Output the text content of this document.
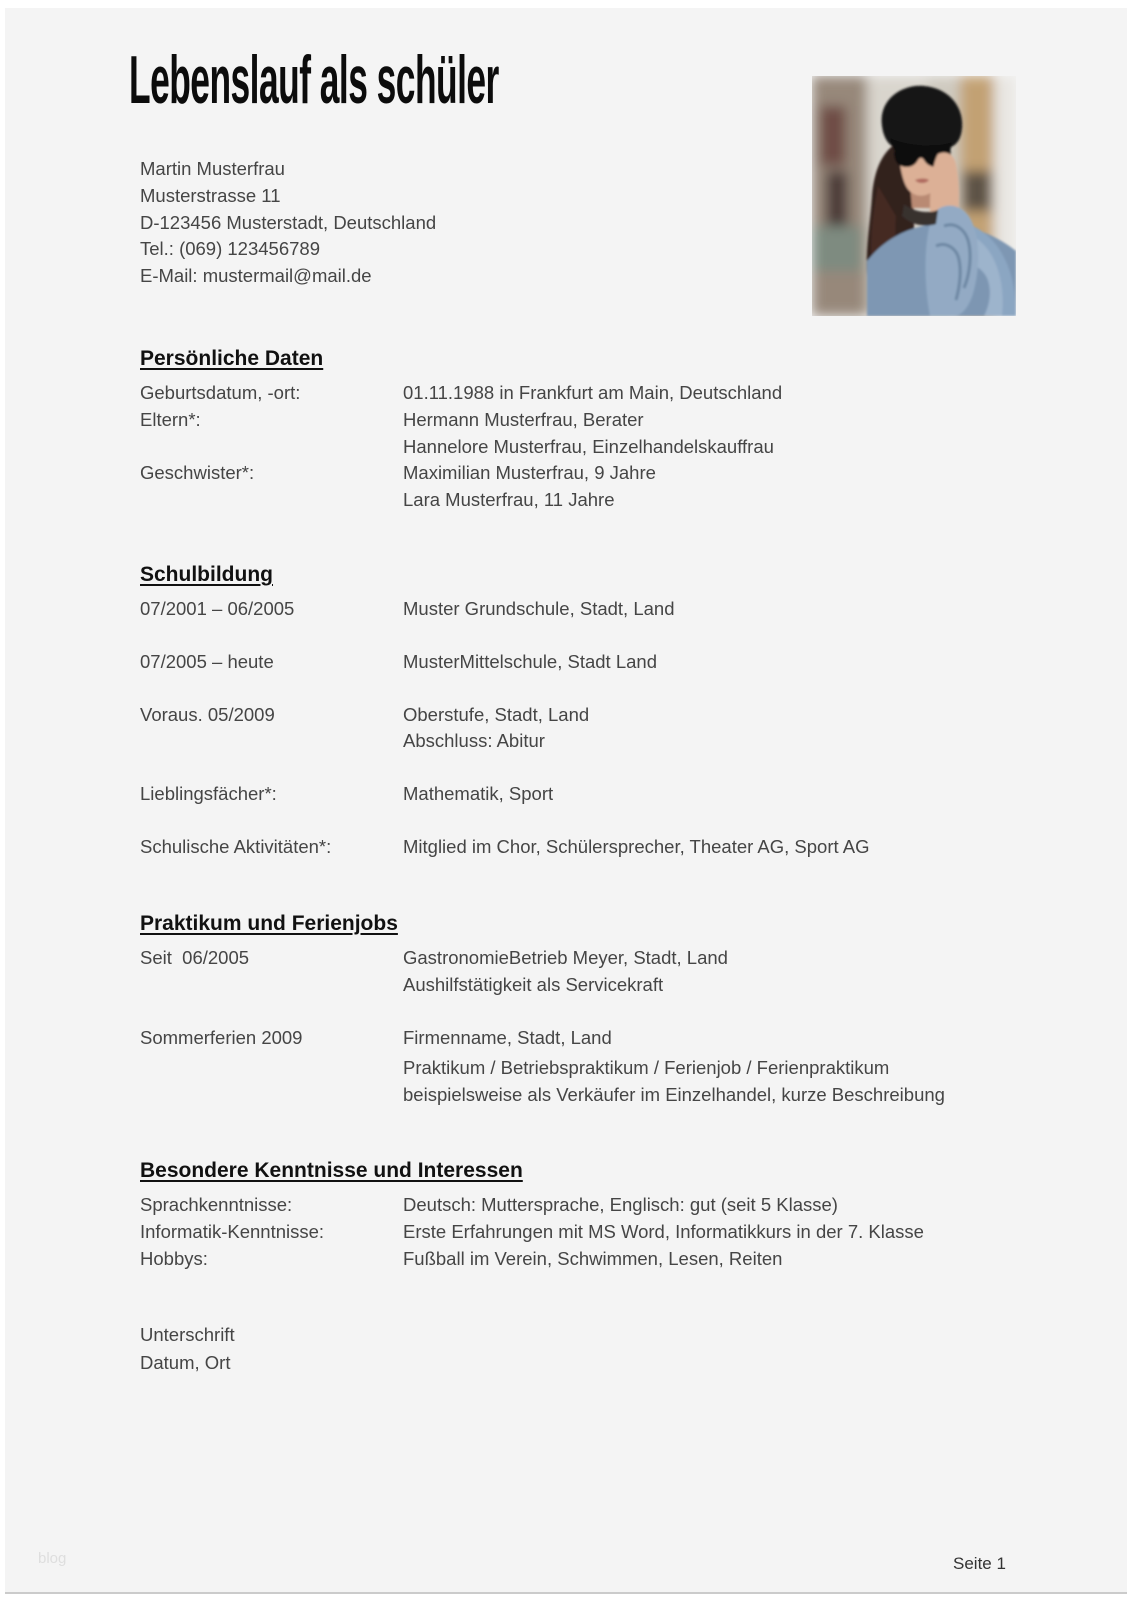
Lebenslauf als schüler
Martin Musterfrau
Musterstrasse 11
D-123456 Musterstadt, Deutschland
Tel.: (069) 123456789
E-Mail: mustermail@mail.de
Persönliche Daten
Geburtsdatum, -ort:	01.11.1988 in Frankfurt am Main, Deutschland
Eltern*:	Hermann Musterfrau, Berater
Hannelore Musterfrau, Einzelhandelskauffrau
Geschwister*:	Maximilian Musterfrau, 9 Jahre
Lara Musterfrau, 11 Jahre
Schulbildung
07/2001 – 06/2005	Muster Grundschule, Stadt, Land
07/2005 – heute	MusterMittelschule, Stadt Land
Voraus. 05/2009	Oberstufe, Stadt, Land
Abschluss: Abitur
Lieblingsfächer*:	Mathematik, Sport
Schulische Aktivitäten*:	Mitglied im Chor, Schülersprecher, Theater AG, Sport AG
Praktikum und Ferienjobs
Seit  06/2005	GastronomieBetrieb Meyer, Stadt, Land
Aushilfstätigkeit als Servicekraft
Sommerferien 2009	Firmenname, Stadt, Land
Praktikum / Betriebspraktikum / Ferienjob / Ferienpraktikum
beispielsweise als Verkäufer im Einzelhandel, kurze Beschreibung
Besondere Kenntnisse und Interessen
Sprachkenntnisse:	Deutsch: Muttersprache, Englisch: gut (seit 5 Klasse)
Informatik-Kenntnisse:	Erste Erfahrungen mit MS Word, Informatikkurs in der 7. Klasse
Hobbys:	Fußball im Verein, Schwimmen, Lesen, Reiten
Unterschrift
Datum, Ort
blog	Seite 1
